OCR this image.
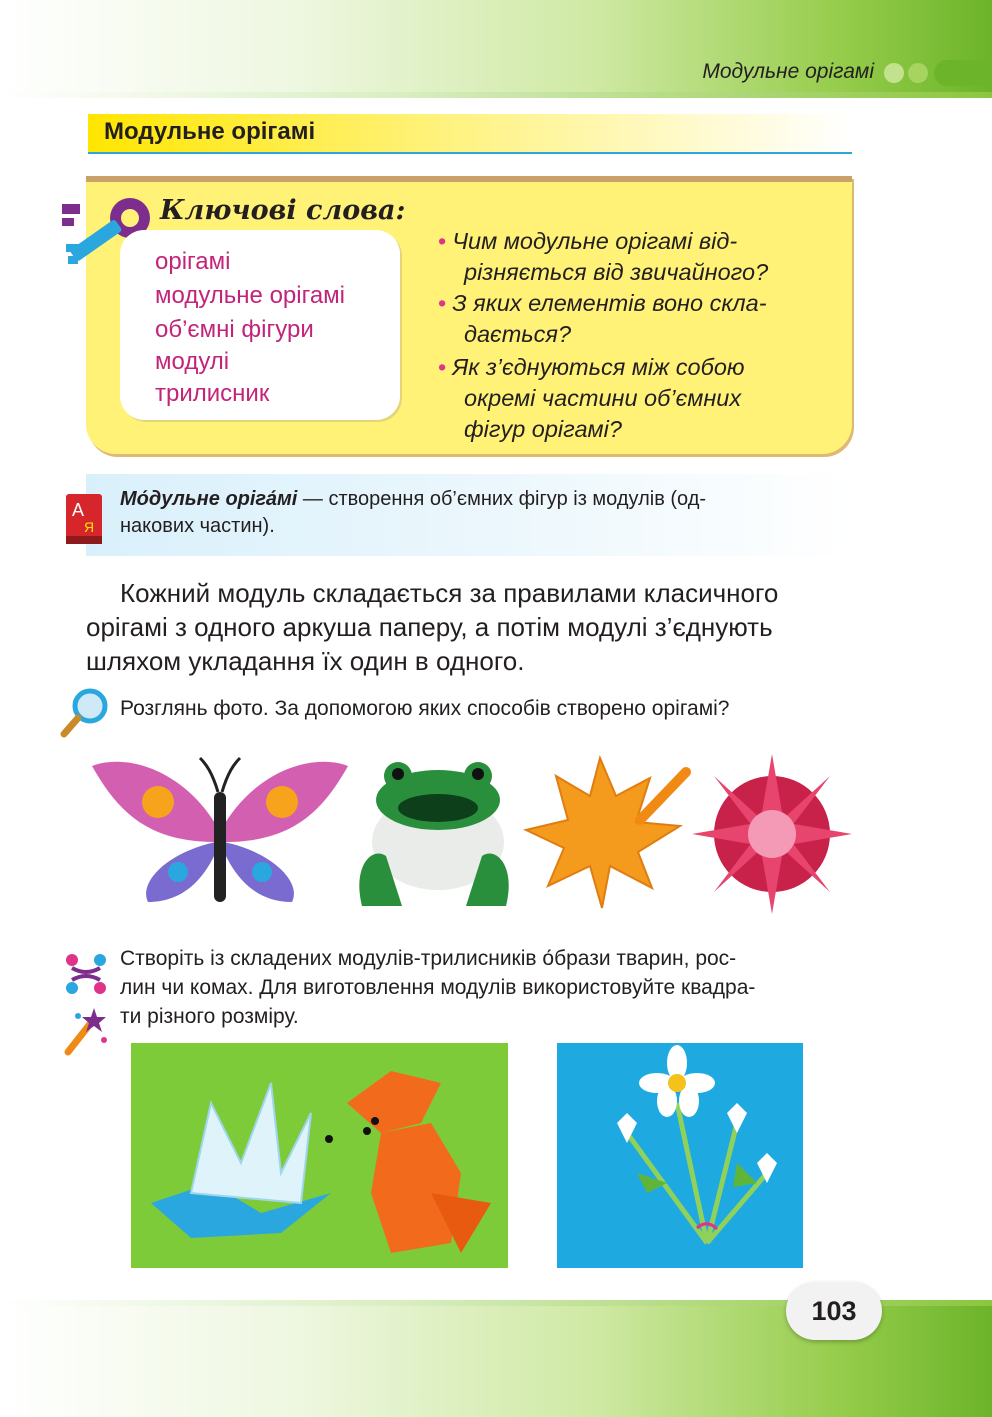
Модульне орігамі
Модульне орігамі
Ключові слова:
орігамі
модульне орігамі
об’ємні фігури
модулі
трилисник
• Чим модульне орігамі від-
різняється від звичайного?
• З яких елементів воно скла-
дається?
• Як з’єднуються між собою
окремі частини об’ємних
фігур орігамі?
А
Я
Мо́дульне оріга́мі — створення об’ємних фігур із модулів (од-
накових частин).
Кожний модуль складається за правилами класичного
орігамі з одного аркуша паперу, а потім модулі з’єднують
шляхом укладання їх один в одного.
Розглянь фото. За допомогою яких способів створено орігамі?
Створіть із складених модулів-трилисників о́брази тварин, рос-
лин чи комах. Для виготовлення модулів використовуйте квадра-
ти різного розміру.
103
